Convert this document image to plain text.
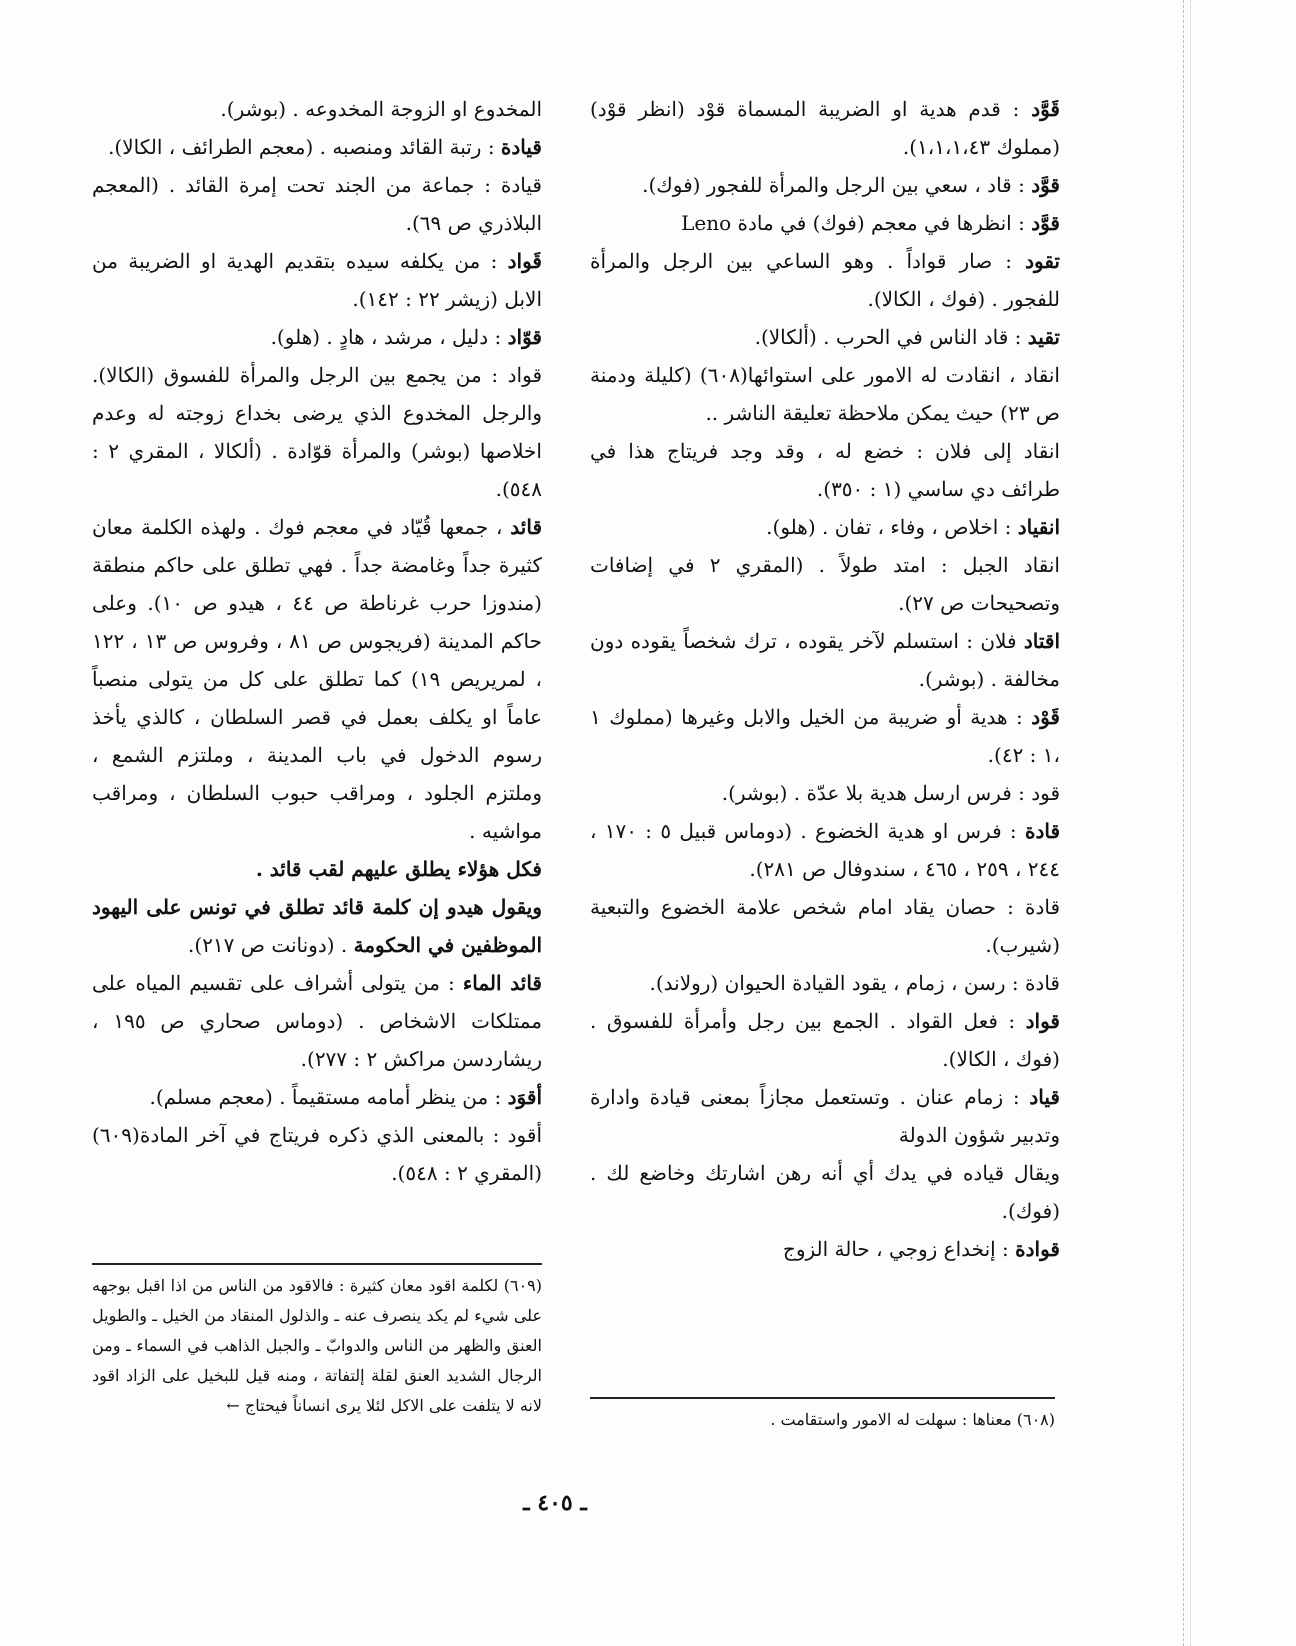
قَوَّد : قدم هدية او الضريبة المسماة قوْد (انظر قوْد) (مملوك ١،١،١،٤٣).

قوَّد : قاد ، سعي بين الرجل والمرأة للفجور (فوك).

قوَّد : انظرها في معجم (فوك) في مادة Leno

تقود : صار قواداً . وهو الساعي بين الرجل والمرأة للفجور . (فوك ، الكالا).

تقيد : قاد الناس في الحرب . (ألكالا).

انقاد ، انقادت له الامور على استوائها(٦٠٨) (كليلة ودمنة ص ٢٣) حيث يمكن ملاحظة تعليقة الناشر ..

انقاد إلى فلان : خضع له ، وقد وجد فريتاج هذا في طرائف دي ساسي (١ : ٣٥٠).

انقياد : اخلاص ، وفاء ، تفان . (هلو).

انقاد الجبل : امتد طولاً . (المقري ٢ في إضافات وتصحيحات ص ٢٧).

اقتاد فلان : استسلم لآخر يقوده ، ترك شخصاً يقوده دون مخالفة . (بوشر).

قَوْد : هدية أو ضريبة من الخيل والابل وغيرها (مملوك ١ ،١ : ٤٢).

قود : فرس ارسل هدية بلا عدّة . (بوشر).

قادة : فرس او هدية الخضوع . (دوماس قبيل ٥ : ١٧٠ ، ٢٤٤ ، ٢٥٩ ، ٤٦٥ ، سندوفال ص ٢٨١).

قادة : حصان يقاد امام شخص علامة الخضوع والتبعية (شيرب).

قادة : رسن ، زمام ، يقود القيادة الحيوان (رولاند).

قواد : فعل القواد . الجمع بين رجل وأمرأة للفسوق . (فوك ، الكالا).

قياد : زمام عنان . وتستعمل مجازاً بمعنى قيادة وادارة وتدبير شؤون الدولة

ويقال قياده في يدك أي أنه رهن اشارتك وخاضع لك . (فوك).

قوادة : إنخداع زوجي ، حالة الزوج

المخدوع او الزوجة المخدوعه . (بوشر).

قيادة : رتبة القائد ومنصبه . (معجم الطرائف ، الكالا).

قيادة : جماعة من الجند تحت إمرة القائد . (المعجم البلاذري ص ٦٩).

قَواد : من يكلفه سيده بتقديم الهدية او الضريبة من الابل (زيشر ٢٢ : ١٤٢).

قوّاد : دليل ، مرشد ، هادٍ . (هلو).

قواد : من يجمع بين الرجل والمرأة للفسوق (الكالا). والرجل المخدوع الذي يرضى بخداع زوجته له وعدم اخلاصها (بوشر) والمرأة قوّادة . (ألكالا ، المقري ٢ : ٥٤٨).

قائد ، جمعها قُيّاد في معجم فوك . ولهذه الكلمة معان كثيرة جداً وغامضة جداً . فهي تطلق على حاكم منطقة (مندوزا حرب غرناطة ص ٤٤ ، هيدو ص ١٠). وعلى حاكم المدينة (فريجوس ص ٨١ ، وفروس ص ١٣ ، ١٢٢ ، لمريريص ١٩) كما تطلق على كل من يتولى منصباً عاماً او يكلف بعمل في قصر السلطان ، كالذي يأخذ رسوم الدخول في باب المدينة ، وملتزم الشمع ، وملتزم الجلود ، ومراقب حبوب السلطان ، ومراقب مواشيه .

فكل هؤلاء يطلق عليهم لقب قائد .

ويقول هيدو إن كلمة قائد تطلق في تونس على اليهود الموظفين في الحكومة . (دونانت ص ٢١٧).

قائد الماء : من يتولى أشراف على تقسيم المياه على ممتلكات الاشخاص . (دوماس صحاري ص ١٩٥ ، ريشاردسن مراكش ٢ : ٢٧٧).

أقوَد : من ينظر أمامه مستقيماً . (معجم مسلم).

أقود : بالمعنى الذي ذكره فريتاج في آخر المادة(٦٠٩) (المقري ٢ : ٥٤٨).

(٦٠٨) معناها : سهلت له الامور واستقامت .
(٦٠٩) لكلمة اقود معان كثيرة : فالاقود من الناس من اذا اقبل بوجهه على شيء لم يكد ينصرف عنه ـ والذلول المنقاد من الخيل ـ والطويل العنق والظهر من الناس والدوابّ ـ والجبل الذاهب في السماء ـ ومن الرجال الشديد العنق لقلة إلتفاتة ، ومنه قيل للبخيل على الزاد اقود لانه لا يتلفت على الاكل لئلا يرى انساناً فيحتاج ←
ـ ٤٠٥ ـ
